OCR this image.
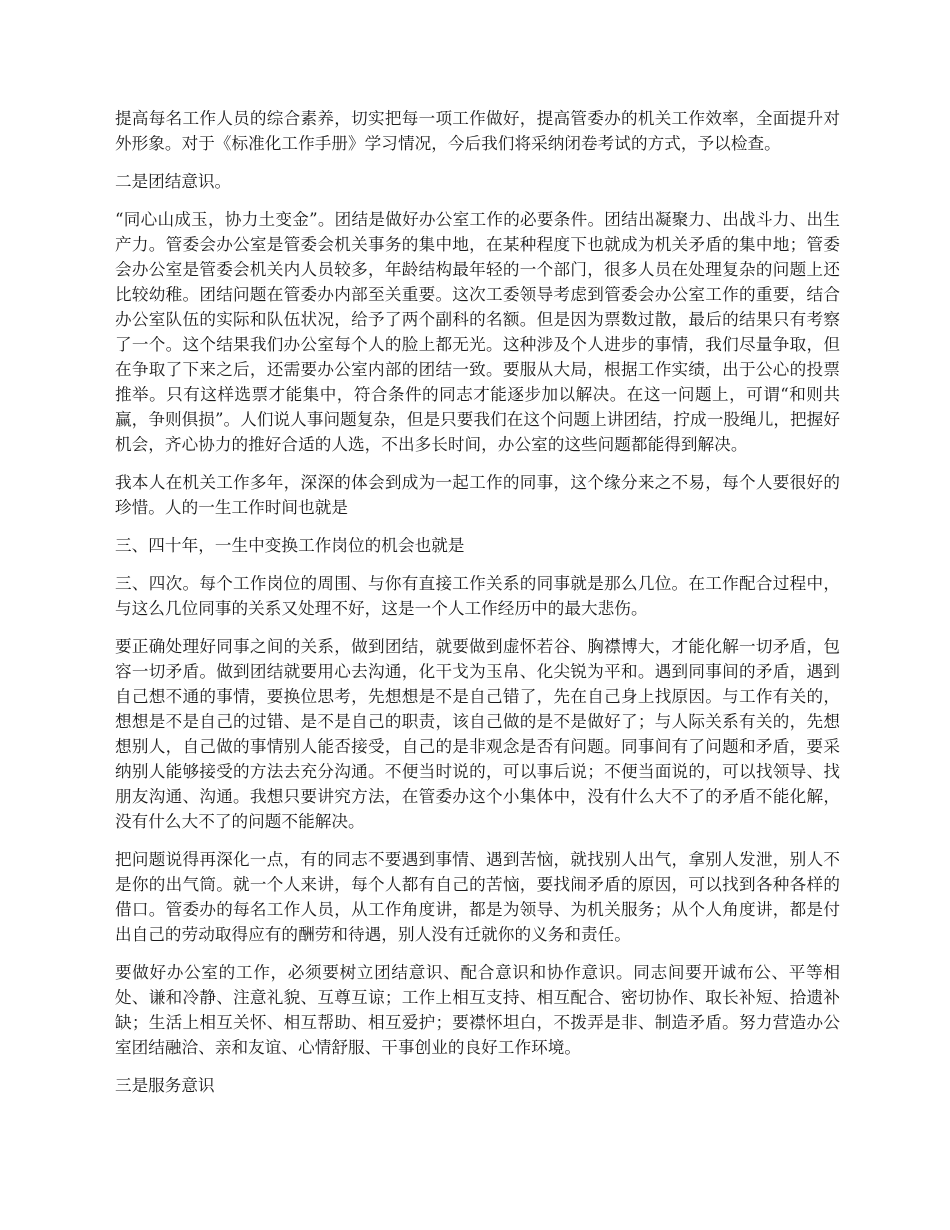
提高每名工作人员的综合素养，切实把每一项工作做好，提高管委办的机关工作效率，全面提升对外形象。对于《标准化工作手册》学习情况，今后我们将采纳闭卷考试的方式，予以检查。

二是团结意识。

“同心山成玉，协力土变金”。团结是做好办公室工作的必要条件。团结出凝聚力、出战斗力、出生产力。管委会办公室是管委会机关事务的集中地，在某种程度下也就成为机关矛盾的集中地；管委会办公室是管委会机关内人员较多，年龄结构最年轻的一个部门，很多人员在处理复杂的问题上还比较幼稚。团结问题在管委办内部至关重要。这次工委领导考虑到管委会办公室工作的重要，结合办公室队伍的实际和队伍状况，给予了两个副科的名额。但是因为票数过散，最后的结果只有考察了一个。这个结果我们办公室每个人的脸上都无光。这种涉及个人进步的事情，我们尽量争取，但在争取了下来之后，还需要办公室内部的团结一致。要服从大局，根据工作实绩，出于公心的投票推举。只有这样选票才能集中，符合条件的同志才能逐步加以解决。在这一问题上，可谓“和则共赢，争则俱损”。人们说人事问题复杂，但是只要我们在这个问题上讲团结，拧成一股绳儿，把握好机会，齐心协力的推好合适的人选，不出多长时间，办公室的这些问题都能得到解决。

我本人在机关工作多年，深深的体会到成为一起工作的同事，这个缘分来之不易，每个人要很好的珍惜。人的一生工作时间也就是

三、四十年，一生中变换工作岗位的机会也就是

三、四次。每个工作岗位的周围、与你有直接工作关系的同事就是那么几位。在工作配合过程中，与这么几位同事的关系又处理不好，这是一个人工作经历中的最大悲伤。

要正确处理好同事之间的关系，做到团结，就要做到虚怀若谷、胸襟博大，才能化解一切矛盾，包容一切矛盾。做到团结就要用心去沟通，化干戈为玉帛、化尖锐为平和。遇到同事间的矛盾，遇到自己想不通的事情，要换位思考，先想想是不是自己错了，先在自己身上找原因。与工作有关的，想想是不是自己的过错、是不是自己的职责，该自己做的是不是做好了；与人际关系有关的，先想想别人，自己做的事情别人能否接受，自己的是非观念是否有问题。同事间有了问题和矛盾，要采纳别人能够接受的方法去充分沟通。不便当时说的，可以事后说；不便当面说的，可以找领导、找朋友沟通、沟通。我想只要讲究方法，在管委办这个小集体中，没有什么大不了的矛盾不能化解，没有什么大不了的问题不能解决。

把问题说得再深化一点，有的同志不要遇到事情、遇到苦恼，就找别人出气，拿别人发泄，别人不是你的出气筒。就一个人来讲，每个人都有自己的苦恼，要找闹矛盾的原因，可以找到各种各样的借口。管委办的每名工作人员，从工作角度讲，都是为领导、为机关服务；从个人角度讲，都是付出自己的劳动取得应有的酬劳和待遇，别人没有迁就你的义务和责任。

要做好办公室的工作，必须要树立团结意识、配合意识和协作意识。同志间要开诚布公、平等相处、谦和冷静、注意礼貌、互尊互谅；工作上相互支持、相互配合、密切协作、取长补短、拾遗补缺；生活上相互关怀、相互帮助、相互爱护；要襟怀坦白，不拨弄是非、制造矛盾。努力营造办公室团结融洽、亲和友谊、心情舒服、干事创业的良好工作环境。

三是服务意识
